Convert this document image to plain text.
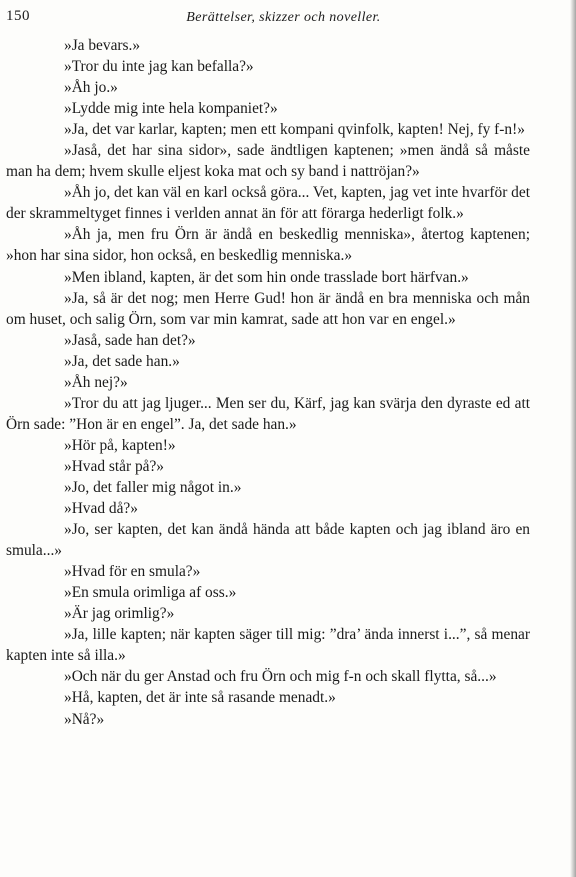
150	Berättelser, skizzer och noveller.

»Ja bevars.»

»Tror du inte jag kan befalla?»

»Åh jo.»

»Lydde mig inte hela kompaniet?»

»Ja, det var karlar, kapten; men ett kompani qvinfolk, kapten! Nej, fy f-n!»

»Jaså, det har sina sidor», sade ändtligen kaptenen; »men ändå så måste man ha dem; hvem skulle eljest koka mat och sy band i nattröjan?»

»Åh jo, det kan väl en karl också göra... Vet, kapten, jag vet inte hvarför det der skrammeltyget finnes i verlden annat än för att förarga hederligt folk.»

»Åh ja, men fru Örn är ändå en beskedlig menniska», återtog kaptenen; »hon har sina sidor, hon också, en beskedlig menniska.»

»Men ibland, kapten, är det som hin onde trasslade bort härfvan.»

»Ja, så är det nog; men Herre Gud! hon är ändå en bra menniska och mån om huset, och salig Örn, som var min kamrat, sade att hon var en engel.»

»Jaså, sade han det?»

»Ja, det sade han.»

»Åh nej?»

»Tror du att jag ljuger... Men ser du, Kärf, jag kan svärja den dyraste ed att Örn sade: ”Hon är en engel”. Ja, det sade han.»

»Hör på, kapten!»

»Hvad står på?»

»Jo, det faller mig något in.»

»Hvad då?»

»Jo, ser kapten, det kan ändå hända att både kapten och jag ibland äro en smula...»

»Hvad för en smula?»

»En smula orimliga af oss.»

»Är jag orimlig?»

»Ja, lille kapten; när kapten säger till mig: ”dra’ ända innerst i...”, så menar kapten inte så illa.»

»Och när du ger Anstad och fru Örn och mig f-n och skall flytta, så...»

»Hå, kapten, det är inte så rasande menadt.»

»Nå?»
